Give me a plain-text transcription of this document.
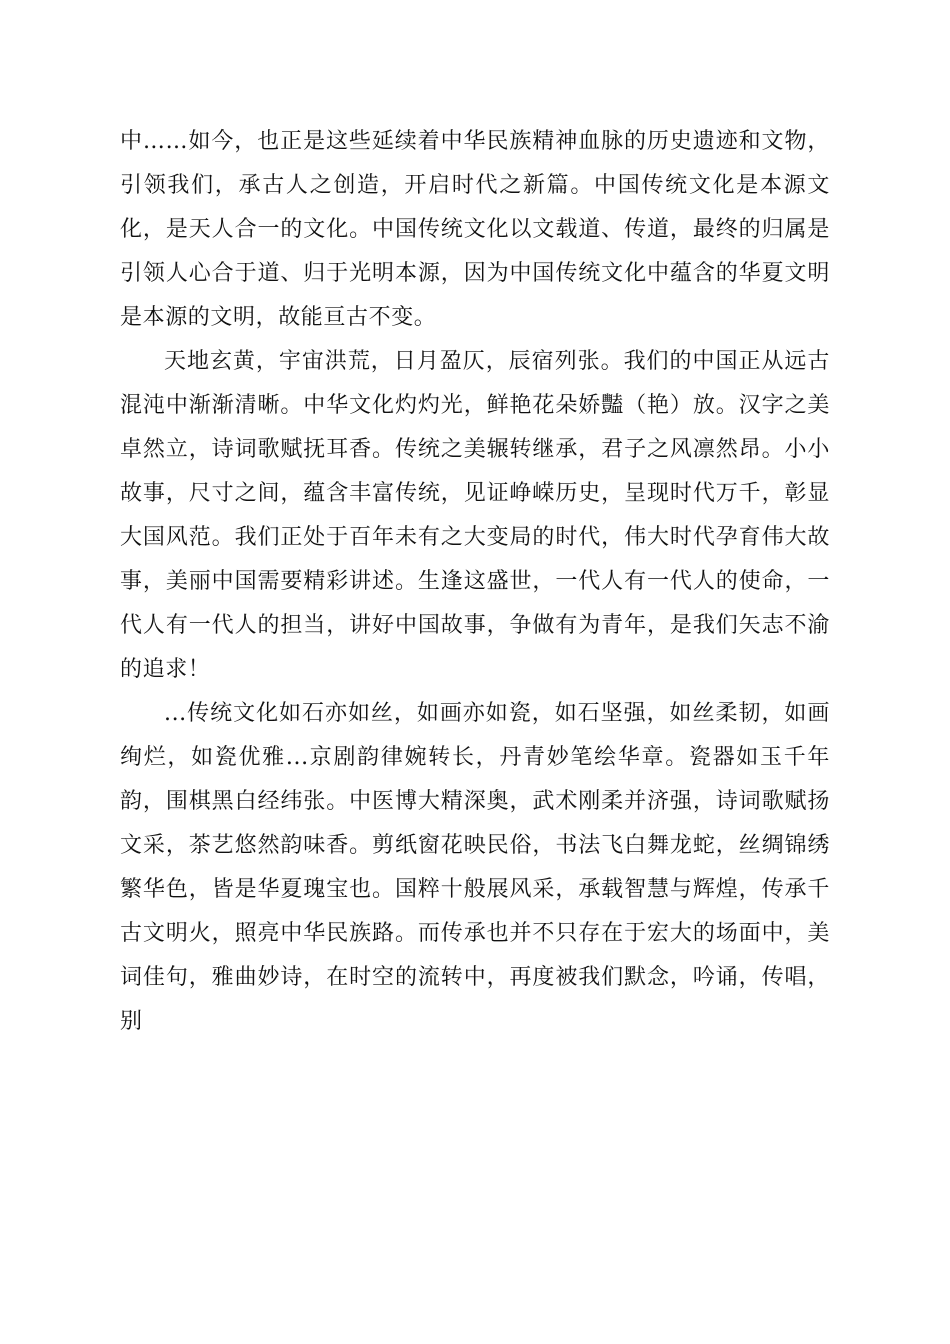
中……如今，也正是这些延续着中华民族精神血脉的历史遗迹和文物，引领我们，承古人之创造，开启时代之新篇。中国传统文化是本源文化，是天人合一的文化。中国传统文化以文载道、传道，最终的归属是引领人心合于道、归于光明本源，因为中国传统文化中蕴含的华夏文明是本源的文明，故能亘古不变。

天地玄黄，宇宙洪荒，日月盈仄，辰宿列张。我们的中国正从远古混沌中渐渐清晰。中华文化灼灼光，鲜艳花朵娇豔（艳）放。汉字之美卓然立，诗词歌赋抚耳香。传统之美辗转继承，君子之风凛然昂。小小故事，尺寸之间，蕴含丰富传统，见证峥嵘历史，呈现时代万千，彰显大国风范。我们正处于百年未有之大变局的时代，伟大时代孕育伟大故事，美丽中国需要精彩讲述。生逢这盛世，一代人有一代人的使命，一代人有一代人的担当，讲好中国故事，争做有为青年，是我们矢志不渝的追求！

...传统文化如石亦如丝，如画亦如瓷，如石坚强，如丝柔韧，如画绚烂，如瓷优雅...京剧韵律婉转长，丹青妙笔绘华章。瓷器如玉千年韵，围棋黑白经纬张。中医博大精深奥，武术刚柔并济强，诗词歌赋扬文采，茶艺悠然韵味香。剪纸窗花映民俗，书法飞白舞龙蛇，丝绸锦绣繁华色，皆是华夏瑰宝也。国粹十般展风采，承载智慧与辉煌，传承千古文明火，照亮中华民族路。而传承也并不只存在于宏大的场面中，美词佳句，雅曲妙诗，在时空的流转中，再度被我们默念，吟诵，传唱，别
